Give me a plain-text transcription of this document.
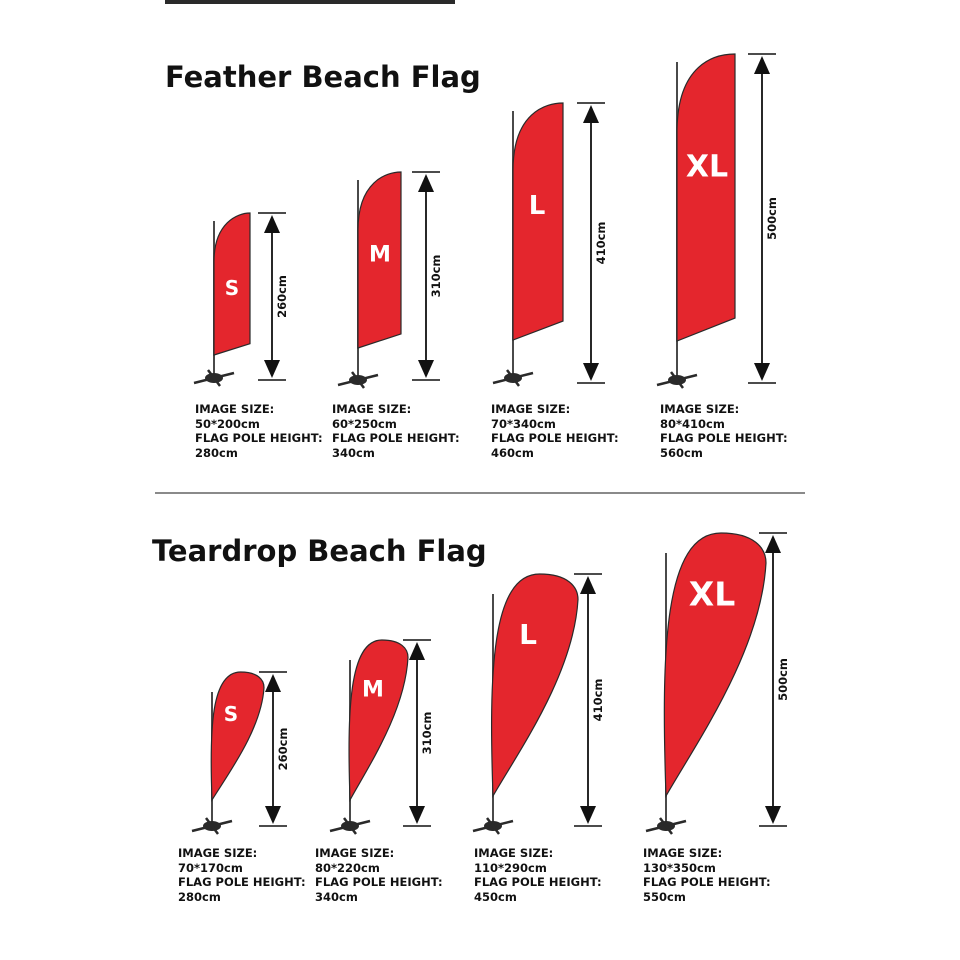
Feather Beach Flag
Teardrop Beach Flag
S	260cm
IMAGE SIZE:
50*200cm
FLAG POLE HEIGHT:
280cm
M	310cm
IMAGE SIZE:
60*250cm
FLAG POLE HEIGHT:
340cm
L
410cm
IMAGE SIZE:
70*340cm
FLAG POLE HEIGHT:
460cm
XL
500cm
IMAGE SIZE:
80*410cm
FLAG POLE HEIGHT:
560cm
S
260cm
IMAGE SIZE:
70*170cm
FLAG POLE HEIGHT:
280cm
M
310cm
IMAGE SIZE:
80*220cm
FLAG POLE HEIGHT:
340cm
L
410cm
IMAGE SIZE:
110*290cm
FLAG POLE HEIGHT:
450cm
XL
500cm
IMAGE SIZE:
130*350cm
FLAG POLE HEIGHT:
550cm
